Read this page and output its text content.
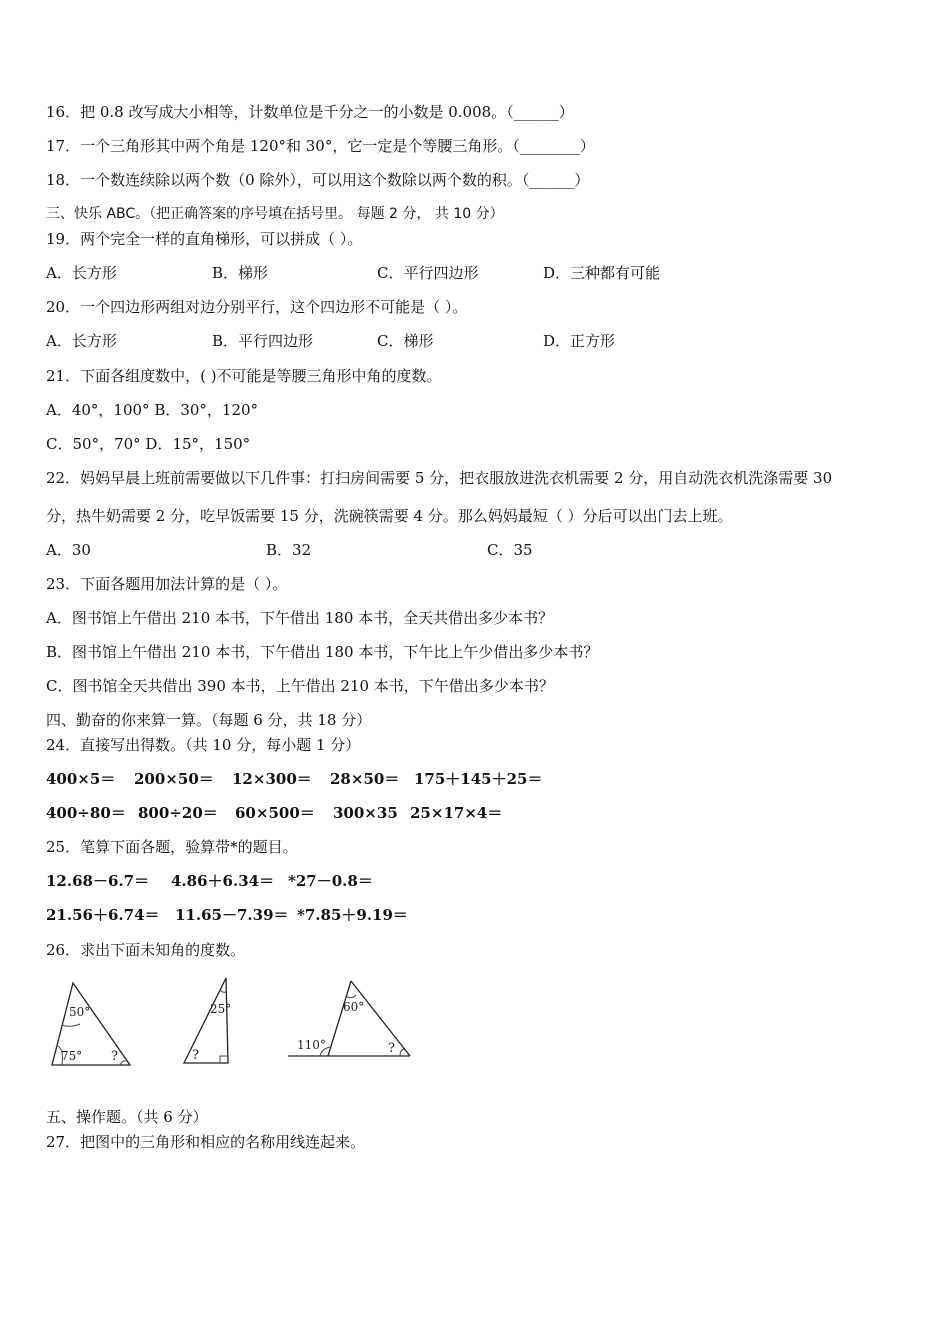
16．把 0.8 改写成大小相等，计数单位是千分之一的小数是 0.008。（______）
17．一个三角形其中两个角是 120°和 30°，它一定是个等腰三角形。（________）
18．一个数连续除以两个数（0 除外），可以用这个数除以两个数的积。（______）
三、快乐 ABC。（把正确答案的序号填在括号里。 每题 2 分， 共 10 分）
19．两个完全一样的直角梯形，可以拼成（ ）。
A．长方形	B．梯形	C．平行四边形	D．三种都有可能
20．一个四边形两组对边分别平行，这个四边形不可能是（ ）。
A．长方形	B．平行四边形	C．梯形	D．正方形
21．下面各组度数中，( )不可能是等腰三角形中角的度数。
A．40°，100° B．30°，120°
C．50°，70° D．15°，150°
22．妈妈早晨上班前需要做以下几件事：打扫房间需要 5 分，把衣服放进洗衣机需要 2 分，用自动洗衣机洗涤需要 30
分，热牛奶需要 2 分，吃早饭需要 15 分，洗碗筷需要 4 分。那么妈妈最短（ ）分后可以出门去上班。
A．30	B．32	C．35
23．下面各题用加法计算的是（ ）。
A．图书馆上午借出 210 本书，下午借出 180 本书，全天共借出多少本书？
B．图书馆上午借出 210 本书，下午借出 180 本书，下午比上午少借出多少本书？
C．图书馆全天共借出 390 本书，上午借出 210 本书，下午借出多少本书？
四、勤奋的你来算一算。（每题 6 分，共 18 分）
24．直接写出得数。（共 10 分，每小题 1 分）
400×5＝ 200×50＝ 12×300＝ 28×50＝ 175＋145＋25＝
400÷80＝ 800÷20＝ 60×500＝ 300×35 25×17×4＝
25．笔算下面各题，验算带*的题目。
12.68－6.7＝ 4.86＋6.34＝ *27－0.8＝
21.56＋6.74＝ 11.65－7.39＝ *7.85＋9.19＝
26．求出下面未知角的度数。
50°
75° ?
25°
?
60°
110°	?
五、操作题。（共 6 分）
27．把图中的三角形和相应的名称用线连起来。
